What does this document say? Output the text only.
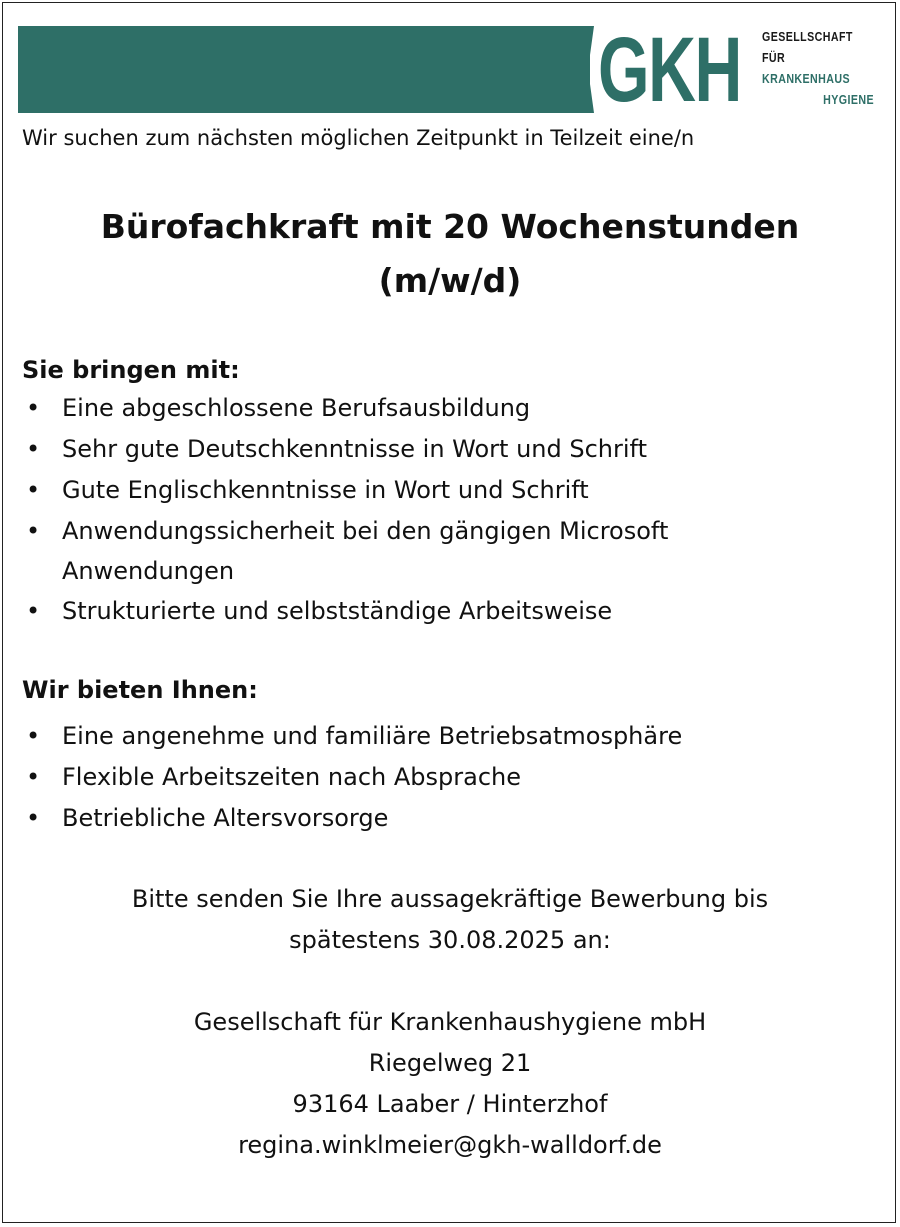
GKH GESELLSCHAFT
FÜR
KRANKENHAUS
HYGIENE
Wir suchen zum nächsten möglichen Zeitpunkt in Teilzeit eine/n
Bürofachkraft mit 20 Wochenstunden
(m/w/d)
Sie bringen mit:
• Eine abgeschlossene Berufsausbildung
• Sehr gute Deutschkenntnisse in Wort und Schrift
• Gute Englischkenntnisse in Wort und Schrift
• Anwendungssicherheit bei den gängigen Microsoft Anwendungen
• Strukturierte und selbstständige Arbeitsweise
Wir bieten Ihnen:
• Eine angenehme und familiäre Betriebsatmosphäre
• Flexible Arbeitszeiten nach Absprache
• Betriebliche Altersvorsorge
Bitte senden Sie Ihre aussagekräftige Bewerbung bis
spätestens 30.08.2025 an:
Gesellschaft für Krankenhaushygiene mbH
Riegelweg 21
93164 Laaber / Hinterzhof
regina.winklmeier@gkh-walldorf.de
